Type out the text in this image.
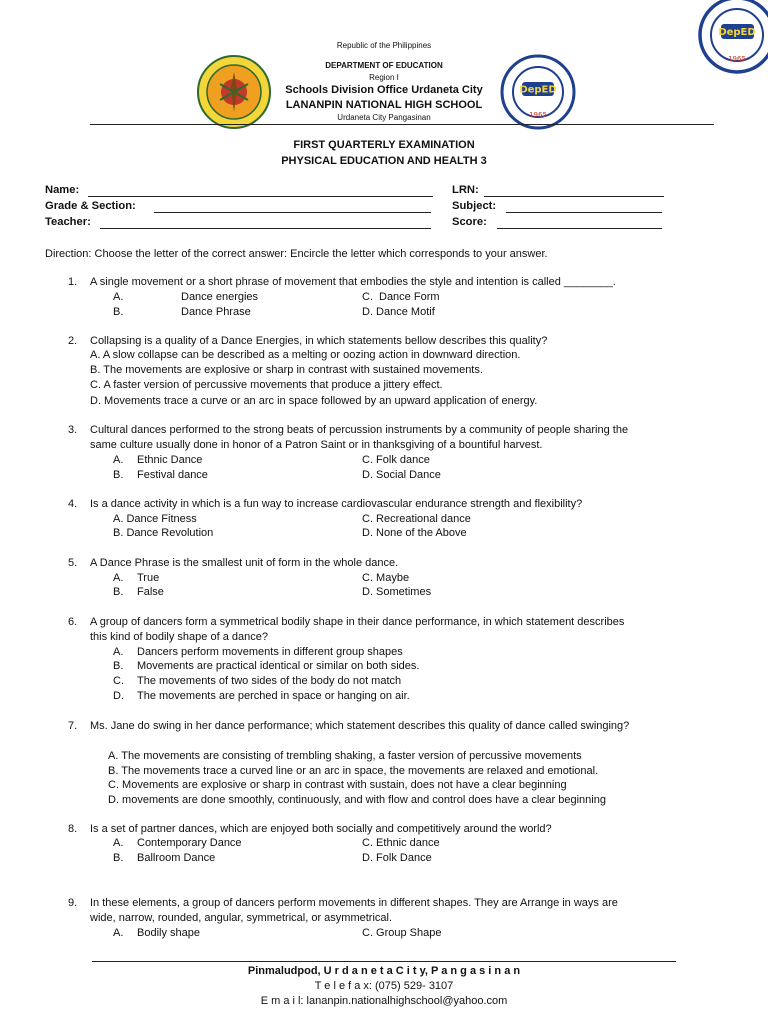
DepED
1965
DepED
1965
Republic of the Philippines
DEPARTMENT OF EDUCATION
Region I
Schools Division Office Urdaneta City
LANANPIN NATIONAL HIGH SCHOOL
Urdaneta City Pangasinan
FIRST QUARTERLY EXAMINATION
PHYSICAL EDUCATION AND HEALTH 3
Name:
Grade & Section:
Teacher:
LRN:
Subject:
Score:
Direction: Choose the letter of the correct answer: Encircle the letter which corresponds to your answer.
1. A single movement or a short phrase of movement that embodies the style and intention is called ________.
A.	Dance energies	C. Dance Form
B.	Dance Phrase	D. Dance Motif
2. Collapsing is a quality of a Dance Energies, in which statements bellow describes this quality?
A. A slow collapse can be described as a melting or oozing action in downward direction.
B. The movements are explosive or sharp in contrast with sustained movements.
C. A faster version of percussive movements that produce a jittery effect.
D. Movements trace a curve or an arc in space followed by an upward application of energy.
3. Cultural dances performed to the strong beats of percussion instruments by a community of people sharing the
same culture usually done in honor of a Patron Saint or in thanksgiving of a bountiful harvest.
A. Ethnic Dance	C. Folk dance
B. Festival dance	D. Social Dance
4. Is a dance activity in which is a fun way to increase cardiovascular endurance strength and flexibility?
A. Dance Fitness	C. Recreational dance
B. Dance Revolution	D. None of the Above
5. A Dance Phrase is the smallest unit of form in the whole dance.
A. True	C. Maybe
B. False	D. Sometimes
6. A group of dancers form a symmetrical bodily shape in their dance performance, in which statement describes
this kind of bodily shape of a dance?
A. Dancers perform movements in different group shapes
B. Movements are practical identical or similar on both sides.
C. The movements of two sides of the body do not match
D. The movements are perched in space or hanging on air.
7. Ms. Jane do swing in her dance performance; which statement describes this quality of dance called swinging?
A. The movements are consisting of trembling shaking, a faster version of percussive movements
B. The movements trace a curved line or an arc in space, the movements are relaxed and emotional.
C. Movements are explosive or sharp in contrast with sustain, does not have a clear beginning
D. movements are done smoothly, continuously, and with flow and control does have a clear beginning
8. Is a set of partner dances, which are enjoyed both socially and competitively around the world?
A. Contemporary Dance	C. Ethnic dance
B. Ballroom Dance	D. Folk Dance
9. In these elements, a group of dancers perform movements in different shapes. They are Arrange in ways are
wide, narrow, rounded, angular, symmetrical, or asymmetrical.
A. Bodily shape	C. Group Shape
Pinmaludpod, U r d a n e t a C i t y, P a n g a s i n a n
T e l e f a x: (075) 529- 3107
E m a i l: lananpin.nationalhighschool@yahoo.com
